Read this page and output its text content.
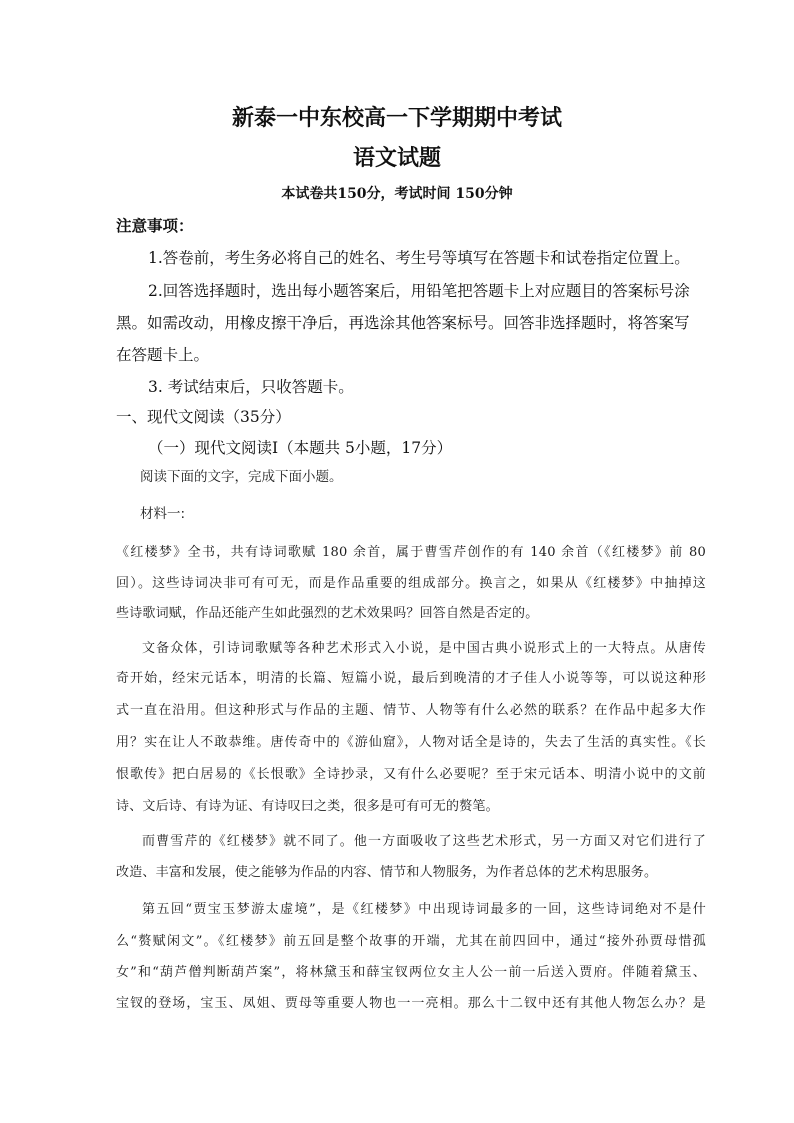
新泰一中东校高一下学期期中考试
语文试题
本试卷共150分，考试时间 150分钟
注意事项：
1.答卷前，考生务必将自己的姓名、考生号等填写在答题卡和试卷指定位置上。
2.回答选择题时，选出每小题答案后，用铅笔把答题卡上对应题目的答案标号涂
黑。如需改动，用橡皮擦干净后，再选涂其他答案标号。回答非选择题时，将答案写
在答题卡上。
3. 考试结束后，只收答题卡。
一、现代文阅读（35分）
（一）现代文阅读Ⅰ（本题共 5小题，17分）
阅读下面的文字，完成下面小题。
材料一:
《红楼梦》全书，共有诗词歌赋 180 余首，属于曹雪芹创作的有 140 余首（《红楼梦》前 80
回）。这些诗词决非可有可无，而是作品重要的组成部分。换言之，如果从《红楼梦》中抽掉这
些诗歌词赋，作品还能产生如此强烈的艺术效果吗？回答自然是否定的。
文备众体，引诗词歌赋等各种艺术形式入小说，是中国古典小说形式上的一大特点。从唐传
奇开始，经宋元话本，明清的长篇、短篇小说，最后到晚清的才子佳人小说等等，可以说这种形
式一直在沿用。但这种形式与作品的主题、情节、人物等有什么必然的联系？在作品中起多大作
用？实在让人不敢恭维。唐传奇中的《游仙窟》，人物对话全是诗的，失去了生活的真实性。《长
恨歌传》把白居易的《长恨歌》全诗抄录，又有什么必要呢？至于宋元话本、明清小说中的文前
诗、文后诗、有诗为证、有诗叹曰之类，很多是可有可无的赘笔。
而曹雪芹的《红楼梦》就不同了。他一方面吸收了这些艺术形式，另一方面又对它们进行了
改造、丰富和发展，使之能够为作品的内容、情节和人物服务，为作者总体的艺术构思服务。
第五回“贾宝玉梦游太虚境”，是《红楼梦》中出现诗词最多的一回，这些诗词绝对不是什
么“赘赋闲文”。《红楼梦》前五回是整个故事的开端，尤其在前四回中，通过“接外孙贾母惜孤
女”和“葫芦僧判断葫芦案”，将林黛玉和薛宝钗两位女主人公一前一后送入贾府。伴随着黛玉、
宝钗的登场，宝玉、凤姐、贾母等重要人物也一一亮相。那么十二钗中还有其他人物怎么办？是
